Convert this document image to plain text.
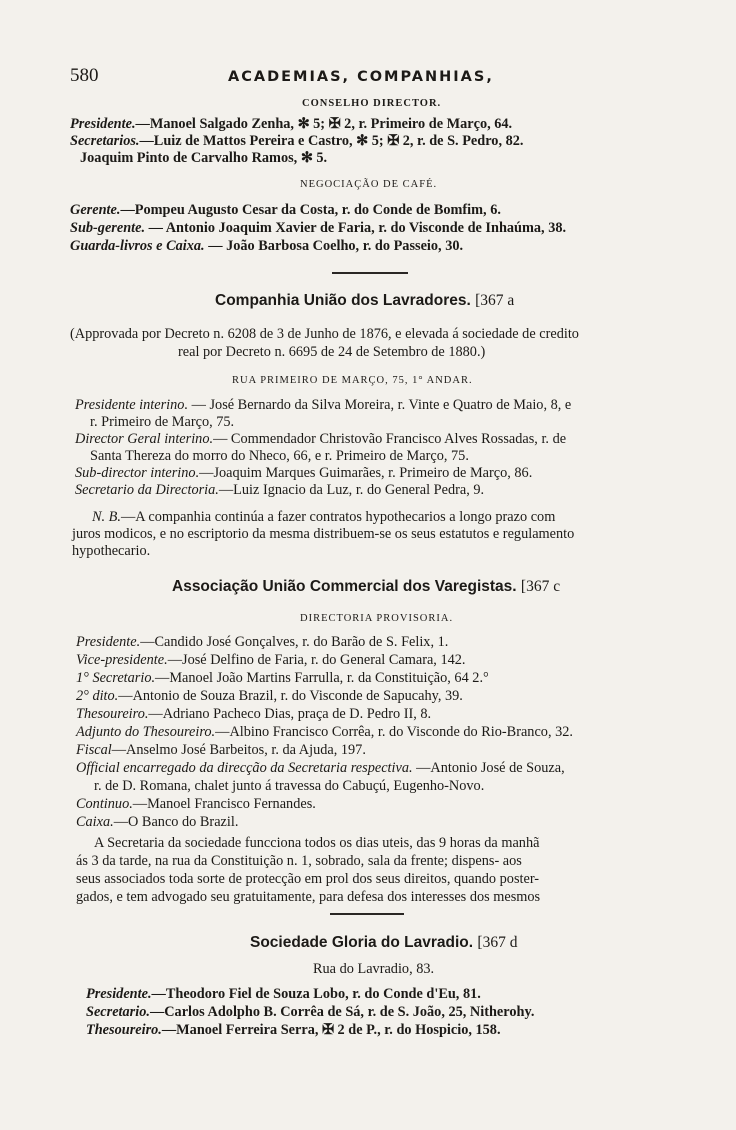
580	ACADEMIAS, COMPANHIAS,
CONSELHO DIRECTOR.
Presidente.—Manoel Salgado Zenha, ✻ 5; ✠ 2, r. Primeiro de Março, 64.
Secretarios.—Luiz de Mattos Pereira e Castro, ✻ 5; ✠ 2, r. de S. Pedro, 82.
Joaquim Pinto de Carvalho Ramos, ✻ 5.
NEGOCIAÇÃO DE CAFÉ.
Gerente.—Pompeu Augusto Cesar da Costa, r. do Conde de Bomfim, 6.
Sub-gerente. — Antonio Joaquim Xavier de Faria, r. do Visconde de Inhaúma, 38.
Guarda-livros e Caixa. — João Barbosa Coelho, r. do Passeio, 30.
Companhia União dos Lavradores. [367 a
(Approvada por Decreto n. 6208 de 3 de Junho de 1876, e elevada á sociedade de credito
real por Decreto n. 6695 de 24 de Setembro de 1880.)
RUA PRIMEIRO DE MARÇO, 75, 1° ANDAR.
Presidente interino. — José Bernardo da Silva Moreira, r. Vinte e Quatro de Maio, 8, e
r. Primeiro de Março, 75.
Director Geral interino.— Commendador Christovão Francisco Alves Rossadas, r. de
Santa Thereza do morro do Nheco, 66, e r. Primeiro de Março, 75.
Sub-director interino.—Joaquim Marques Guimarães, r. Primeiro de Março, 86.
Secretario da Directoria.—Luiz Ignacio da Luz, r. do General Pedra, 9.
N. B.—A companhia continúa a fazer contratos hypothecarios a longo prazo com
juros modicos, e no escriptorio da mesma distribuem-se os seus estatutos e regulamento
hypothecario.
Associação União Commercial dos Varegistas. [367 c
DIRECTORIA PROVISORIA.
Presidente.—Candido José Gonçalves, r. do Barão de S. Felix, 1.
Vice-presidente.—José Delfino de Faria, r. do General Camara, 142.
1° Secretario.—Manoel João Martins Farrulla, r. da Constituição, 64 2.°
2° dito.—Antonio de Souza Brazil, r. do Visconde de Sapucahy, 39.
Thesoureiro.—Adriano Pacheco Dias, praça de D. Pedro II, 8.
Adjunto do Thesoureiro.—Albino Francisco Corrêa, r. do Visconde do Rio-Branco, 32.
Fiscal—Anselmo José Barbeitos, r. da Ajuda, 197.
Official encarregado da direcção da Secretaria respectiva. —Antonio José de Souza,
r. de D. Romana, chalet junto á travessa do Cabuçú, Eugenho-Novo.
Continuo.—Manoel Francisco Fernandes.
Caixa.—O Banco do Brazil.
A Secretaria da sociedade funcciona todos os dias uteis, das 9 horas da manhã
ás 3 da tarde, na rua da Constituição n. 1, sobrado, sala da frente; dispens- aos
seus associados toda sorte de protecção em prol dos seus direitos, quando poster-
gados, e tem advogado seu gratuitamente, para defesa dos interesses dos mesmos
Sociedade Gloria do Lavradio. [367 d
Rua do Lavradio, 83.
Presidente.—Theodoro Fiel de Souza Lobo, r. do Conde d'Eu, 81.
Secretario.—Carlos Adolpho B. Corrêa de Sá, r. de S. João, 25, Nitherohy.
Thesoureiro.—Manoel Ferreira Serra, ✠ 2 de P., r. do Hospicio, 158.
